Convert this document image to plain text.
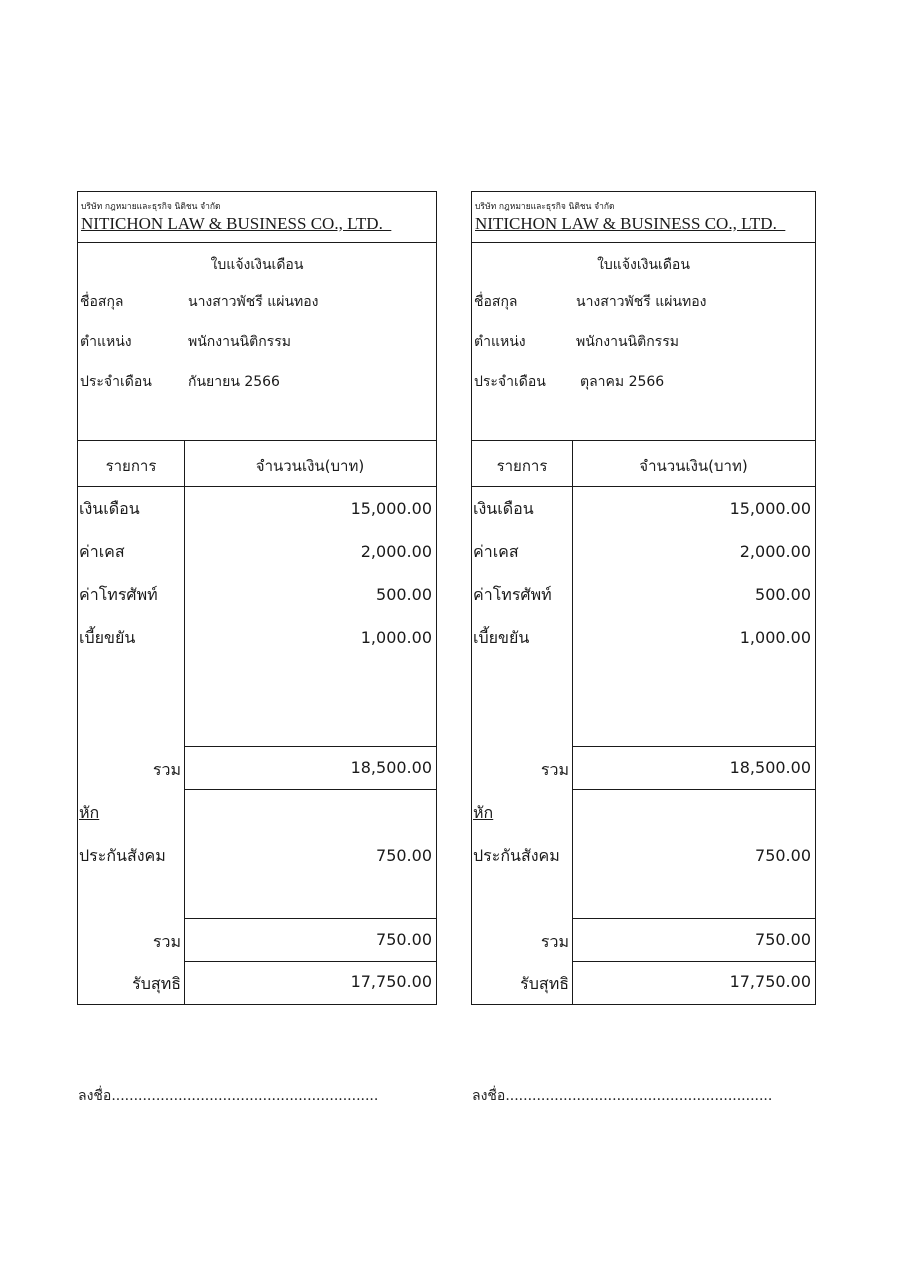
บริษัท กฎหมายและธุรกิจ นิติชน จำกัด
NITICHON LAW & BUSINESS CO., LTD.
ใบแจ้งเงินเดือน
ชื่อสกุล	นางสาวพัชรี แผ่นทอง
ตำแหน่ง	พนักงานนิติกรรม
ประจำเดือน	กันยายน 2566
รายการ	จำนวนเงิน(บาท)
เงินเดือน	15,000.00
ค่าเคส	2,000.00
ค่าโทรศัพท์	500.00
เบี้ยขยัน	1,000.00
รวม	18,500.00
หัก
ประกันสังคม	750.00
รวม	750.00
รับสุทธิ	17,750.00
บริษัท กฎหมายและธุรกิจ นิติชน จำกัด
NITICHON LAW & BUSINESS CO., LTD.
ใบแจ้งเงินเดือน
ชื่อสกุล	นางสาวพัชรี แผ่นทอง
ตำแหน่ง	พนักงานนิติกรรม
ประจำเดือน ตุลาคม 2566
รายการ	จำนวนเงิน(บาท)
เงินเดือน	15,000.00
ค่าเคส	2,000.00
ค่าโทรศัพท์	500.00
เบี้ยขยัน	1,000.00
รวม	18,500.00
หัก
ประกันสังคม	750.00
รวม	750.00
รับสุทธิ	17,750.00
ลงชื่อ............................................................	ลงชื่อ............................................................
